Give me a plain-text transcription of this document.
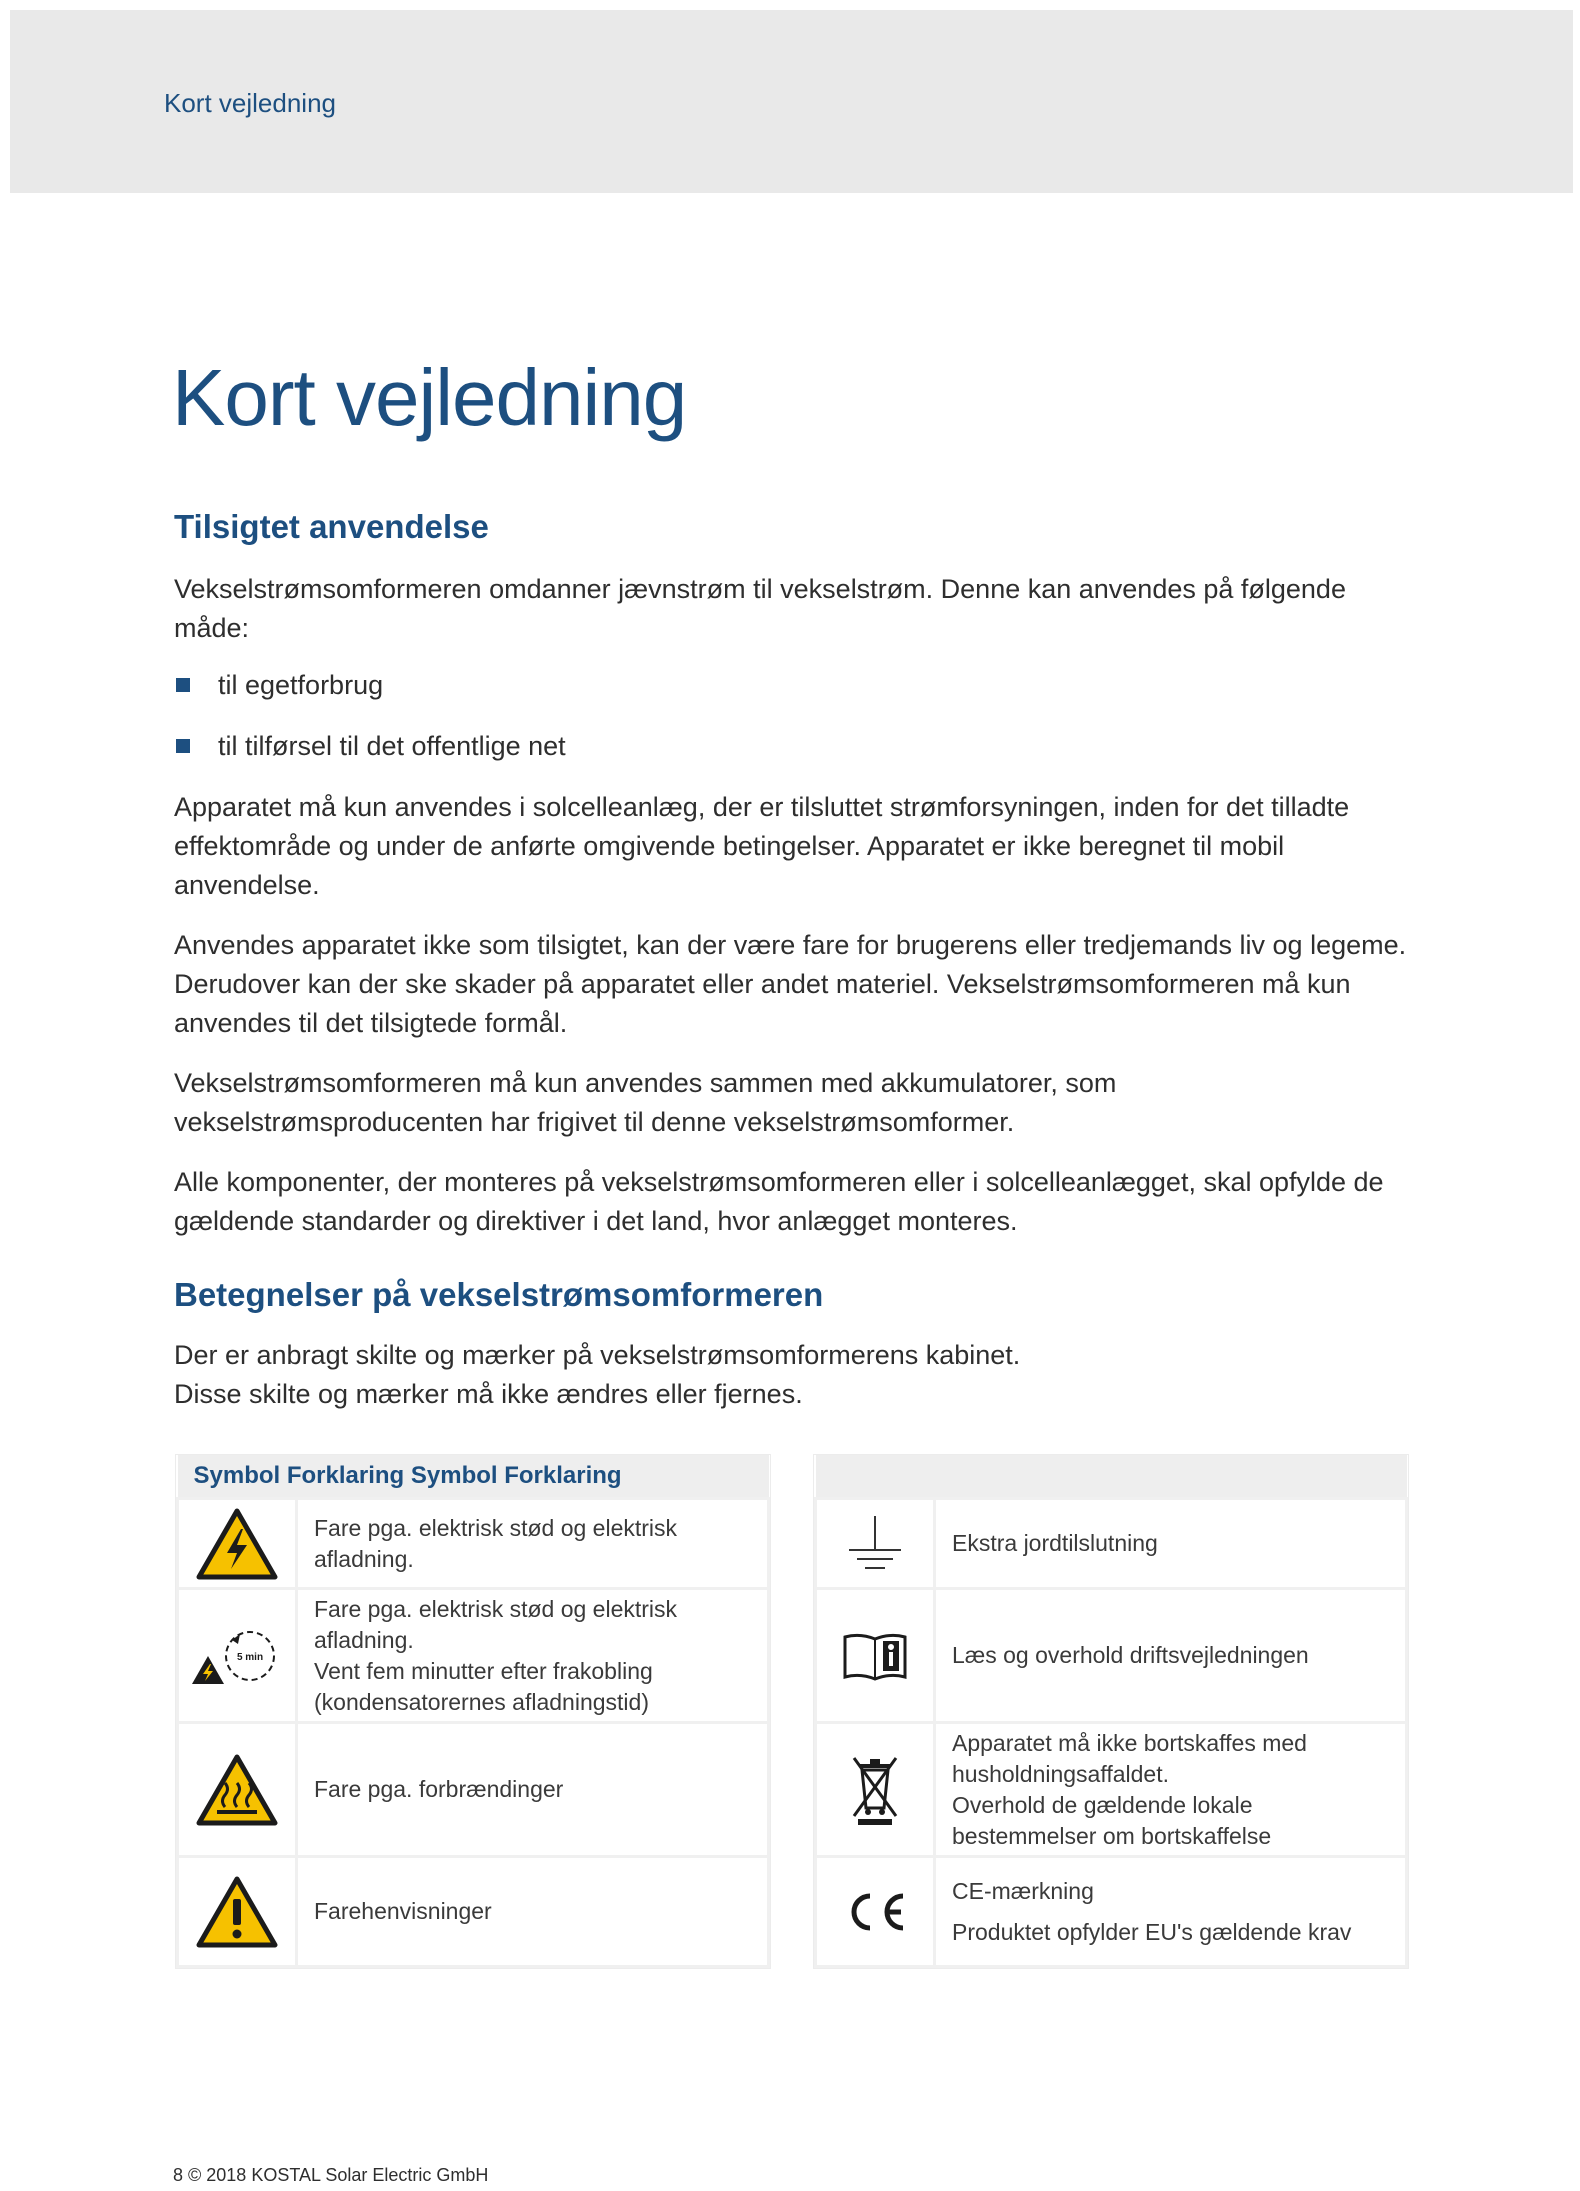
Kort vejledning
Kort vejledning
Tilsigtet anvendelse

Vekselstrømsomformeren omdanner jævnstrøm til vekselstrøm. Denne kan anvendes på følgende måde:

til egetforbrug
til tilførsel til det offentlige net

Apparatet må kun anvendes i solcelleanlæg, der er tilsluttet strømforsyningen, inden for det tilladte effektområde og under de anførte omgivende betingelser. Apparatet er ikke beregnet til mobil anvendelse.

Anvendes apparatet ikke som tilsigtet, kan der være fare for brugerens eller tredjemands liv og legeme. Derudover kan der ske skader på apparatet eller andet materiel. Vekselstrømsomformeren må kun anvendes til det tilsigtede formål.

Vekselstrømsomformeren må kun anvendes sammen med akkumulatorer, som vekselstrømsproducenten har frigivet til denne vekselstrømsomformer.

Alle komponenter, der monteres på vekselstrømsomformeren eller i solcelleanlægget, skal opfylde de gældende standarder og direktiver i det land, hvor anlægget monteres.

Betegnelser på vekselstrømsomformeren

Der er anbragt skilte og mærker på vekselstrømsomformerens kabinet.

Disse skilte og mærker må ikke ændres eller fjernes.

Symbol Forklaring Symbol Forklaring	

	Fare pga. elektrisk stød og elektrisk afladning.

5 min	Fare pga. elektrisk stød og elektrisk afladning.
Vent fem minutter efter frakobling (kondensatorernes afladningstid)

	Fare pga. forbrændinger

	Farehenvisninger

	Ekstra jordtilslutning

	Læs og overhold driftsvejledningen

Apparatet må ikke bortskaffes med husholdningsaffaldet.
Overhold de gældende lokale bestemmelser om bortskaffelse

CE-mærkning
Produktet opfylder EU's gældende krav
8 © 2018 KOSTAL Solar Electric GmbH
